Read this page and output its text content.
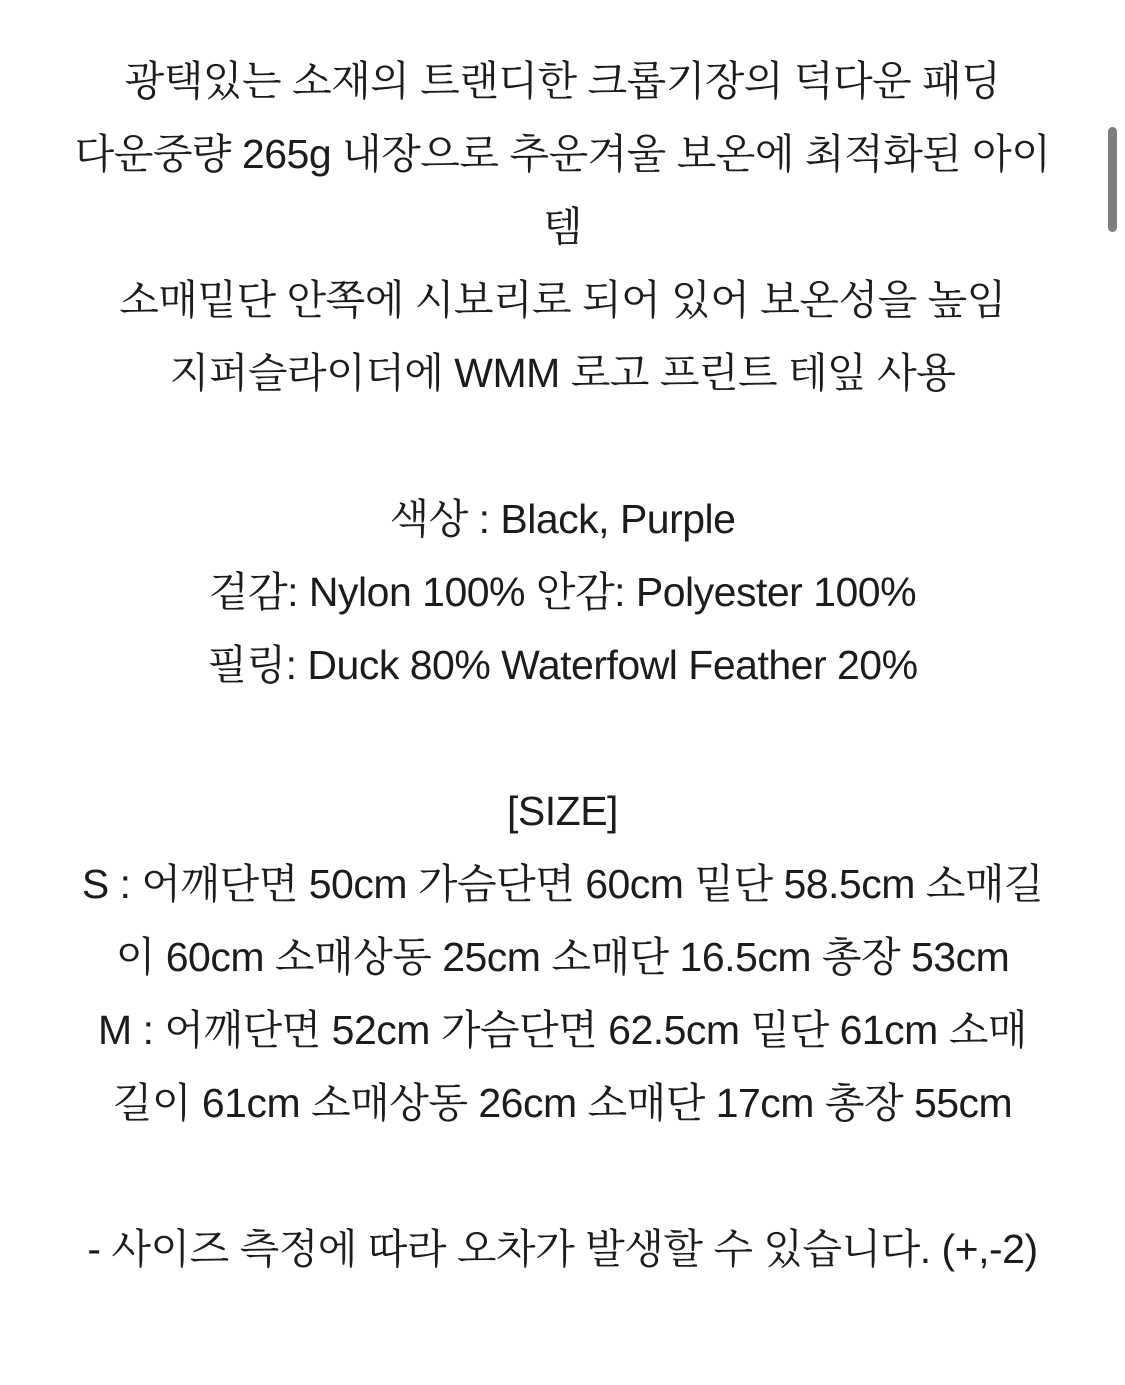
광택있는 소재의 트랜디한 크롭기장의 덕다운 패딩
다운중량 265g 내장으로 추운겨울 보온에 최적화된 아이
템
소매밑단 안쪽에 시보리로 되어 있어 보온성을 높임
지퍼슬라이더에 WMM 로고 프린트 테잎 사용
색상 : Black, Purple
겉감: Nylon 100% 안감: Polyester 100%
필링: Duck 80% Waterfowl Feather 20%
[SIZE]
S : 어깨단면 50cm 가슴단면 60cm 밑단 58.5cm 소매길
이 60cm 소매상동 25cm 소매단 16.5cm 총장 53cm
M : 어깨단면 52cm 가슴단면 62.5cm 밑단 61cm 소매
길이 61cm 소매상동 26cm 소매단 17cm 총장 55cm
- 사이즈 측정에 따라 오차가 발생할 수 있습니다. (+,-2)
